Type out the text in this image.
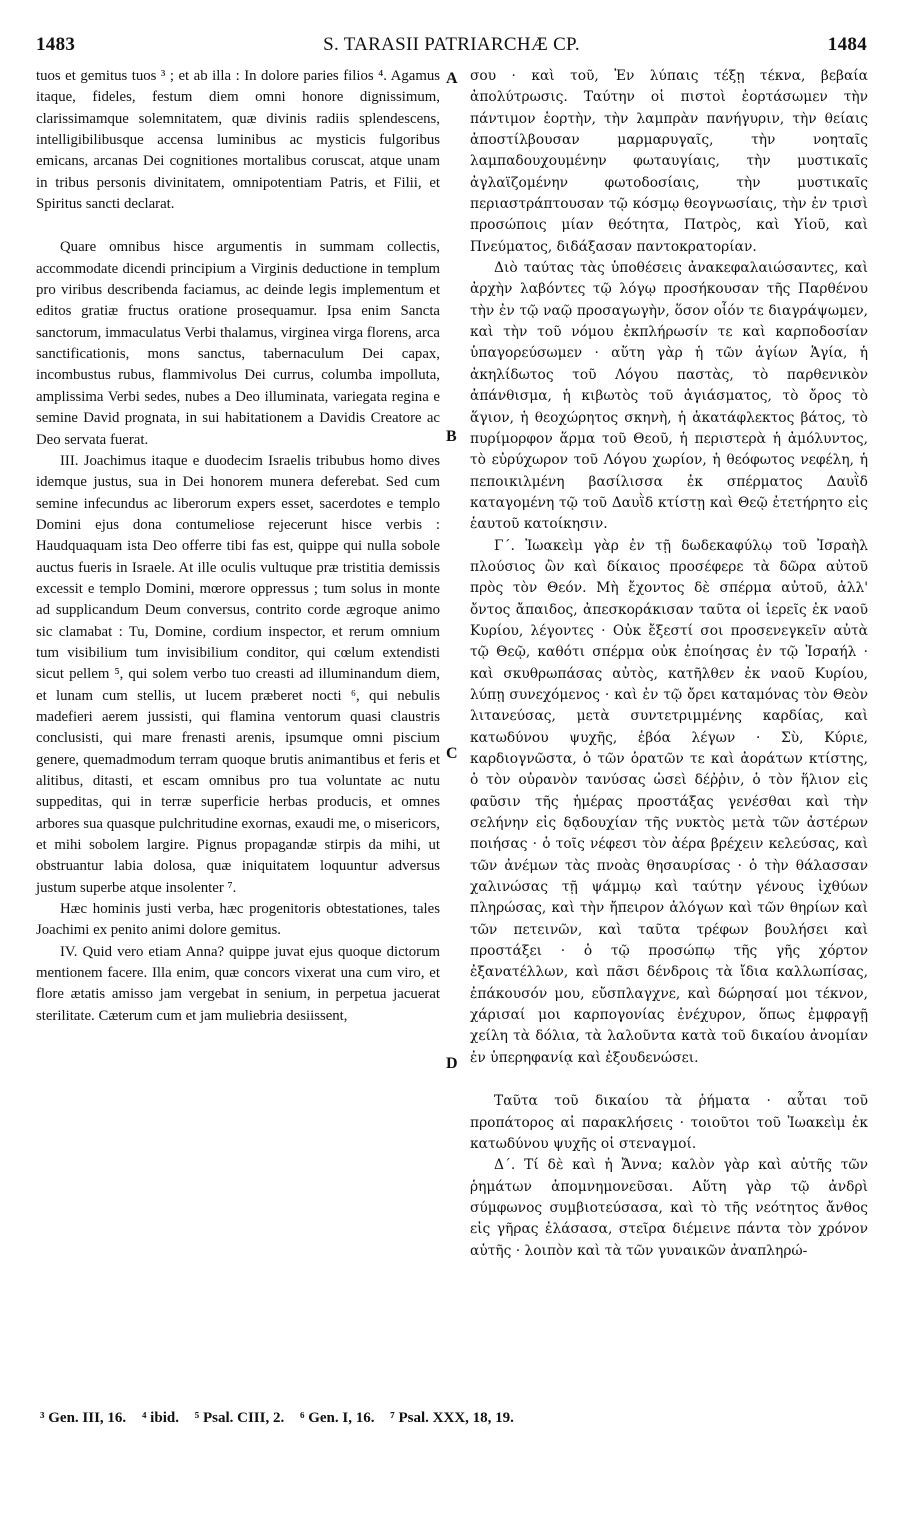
1483	S. TARASII PATRIARCHÆ CP.	1484

tuos et gemitus tuos ³ ; et ab illa : In dolore paries filios ⁴. Agamus itaque, fideles, festum diem omni honore dignissimum, clarissimamque solemnitatem, quæ divinis radiis splendescens, intelligibilibusque accensa luminibus ac mysticis fulgoribus emicans, arcanas Dei cognitiones mortalibus coruscat, atque unam in tribus personis divinitatem, omnipotentiam Patris, et Filii, et Spiritus sancti declarat.

Quare omnibus hisce argumentis in summam collectis, accommodate dicendi principium a Virginis deductione in templum pro viribus describenda faciamus, ac deinde legis implementum et editos gratiæ fructus oratione prosequamur. Ipsa enim Sancta sanctorum, immaculatus Verbi thalamus, virginea virga florens, arca sanctificationis, mons sanctus, tabernaculum Dei capax, incombustus rubus, flammivolus Dei currus, columba impolluta, amplissima Verbi sedes, nubes a Deo illuminata, variegata regina e semine David prognata, in sui habitationem a Davidis Creatore ac Deo servata fuerat.

III. Joachimus itaque e duodecim Israelis tribubus homo dives idemque justus, sua in Dei honorem munera deferebat. Sed cum semine infecundus ac liberorum expers esset, sacerdotes e templo Domini ejus dona contumeliose rejecerunt hisce verbis : Haudquaquam ista Deo offerre tibi fas est, quippe qui nulla sobole auctus fueris in Israele. At ille oculis vultuque præ tristitia demissis excessit e templo Domini, mœrore oppressus ; tum solus in monte ad supplicandum Deum conversus, contrito corde ægroque animo sic clamabat : Tu, Domine, cordium inspector, et rerum omnium tum visibilium tum invisibilium conditor, qui cœlum extendisti sicut pellem ⁵, qui solem verbo tuo creasti ad illuminandum diem, et lunam cum stellis, ut lucem præberet nocti ⁶, qui nebulis madefieri aerem jussisti, qui flamina ventorum quasi claustris conclusisti, qui mare frenasti arenis, ipsumque omni piscium genere, quemadmodum terram quoque brutis animantibus et feris et alitibus, ditasti, et escam omnibus pro tua voluntate ac nutu suppeditas, qui in terræ superficie herbas producis, et omnes arbores sua quasque pulchritudine exornas, exaudi me, o misericors, et mihi sobolem largire. Pignus propagandæ stirpis da mihi, ut obstruantur labia dolosa, quæ iniquitatem loquuntur adversus justum superbe atque insolenter ⁷.

Hæc hominis justi verba, hæc progenitoris obtestationes, tales Joachimi ex penito animi dolore gemitus.

IV. Quid vero etiam Anna? quippe juvat ejus quoque dictorum mentionem facere. Illa enim, quæ concors vixerat una cum viro, et flore ætatis amisso jam vergebat in senium, in perpetua jacuerat sterilitate. Cæterum cum et jam muliebria desiissent,

A
B
C
D

σου · καὶ τοῦ, Ἐν λύπαις τέξῃ τέκνα, βεβαία ἀπολύτρωσις. Ταύτην οἱ πιστοὶ ἑορτάσωμεν τὴν πάντιμον ἑορτὴν, τὴν λαμπρὰν πανήγυριν, τὴν θείαις ἀποστίλβουσαν μαρμαρυγαῖς, τὴν νοηταῖς λαμπαδουχουμένην φωταυγίαις, τὴν μυστικαῖς ἀγλαϊζομένην φωτοδοσίαις, τὴν μυστικαῖς περιαστράπτουσαν τῷ κόσμῳ θεογνωσίαις, τὴν ἐν τρισὶ προσώποις μίαν θεότητα, Πατρὸς, καὶ Υἱοῦ, καὶ Πνεύματος, διδάξασαν παντοκρατορίαν.

Διὸ ταύτας τὰς ὑποθέσεις ἀνακεφαλαιώσαντες, καὶ ἀρχὴν λαβόντες τῷ λόγῳ προσήκουσαν τῆς Παρθένου τὴν ἐν τῷ ναῷ προσαγωγὴν, ὅσον οἷόν τε διαγράψωμεν, καὶ τὴν τοῦ νόμου ἐκπλήρωσίν τε καὶ καρποδοσίαν ὑπαγορεύσωμεν · αὕτη γὰρ ἡ τῶν ἁγίων Ἁγία, ἡ ἀκηλίδωτος τοῦ Λόγου παστὰς, τὸ παρθενικὸν ἀπάνθισμα, ἡ κιβωτὸς τοῦ ἁγιάσματος, τὸ ὄρος τὸ ἅγιον, ἡ θεοχώρητος σκηνὴ, ἡ ἀκατάφλεκτος βάτος, τὸ πυρίμορφον ἅρμα τοῦ Θεοῦ, ἡ περιστερὰ ἡ ἀμόλυντος, τὸ εὐρύχωρον τοῦ Λόγου χωρίον, ἡ θεόφωτος νεφέλη, ἡ πεποικιλμένη βασίλισσα ἐκ σπέρματος Δαυῒδ καταγομένη τῷ τοῦ Δαυῒδ κτίστῃ καὶ Θεῷ ἐτετήρητο εἰς ἑαυτοῦ κατοίκησιν.

Γ΄. Ἰωακεὶμ γὰρ ἐν τῇ δωδεκαφύλῳ τοῦ Ἰσραὴλ πλούσιος ὢν καὶ δίκαιος προσέφερε τὰ δῶρα αὐτοῦ πρὸς τὸν Θεόν. Μὴ ἔχοντος δὲ σπέρμα αὐτοῦ, ἀλλ' ὄντος ἄπαιδος, ἀπεσκοράκισαν ταῦτα οἱ ἱερεῖς ἐκ ναοῦ Κυρίου, λέγοντες · Οὐκ ἔξεστί σοι προσενεγκεῖν αὐτὰ τῷ Θεῷ, καθότι σπέρμα οὐκ ἐποίησας ἐν τῷ Ἰσραήλ · καὶ σκυθρωπάσας αὐτὸς, κατῆλθεν ἐκ ναοῦ Κυρίου, λύπῃ συνεχόμενος · καὶ ἐν τῷ ὄρει καταμόνας τὸν Θεὸν λιτανεύσας, μετὰ συντετριμμένης καρδίας, καὶ κατωδύνου ψυχῆς, ἐβόα λέγων · Σὺ, Κύριε, καρδιογνῶστα, ὁ τῶν ὁρατῶν τε καὶ ἀοράτων κτίστης, ὁ τὸν οὐρανὸν τανύσας ὡσεὶ δέῤῥιν, ὁ τὸν ἥλιον εἰς φαῦσιν τῆς ἡμέρας προστάξας γενέσθαι καὶ τὴν σελήνην εἰς δᾳδουχίαν τῆς νυκτὸς μετὰ τῶν ἀστέρων ποιήσας · ὁ τοῖς νέφεσι τὸν ἀέρα βρέχειν κελεύσας, καὶ τῶν ἀνέμων τὰς πνοὰς θησαυρίσας · ὁ τὴν θάλασσαν χαλινώσας τῇ ψάμμῳ καὶ ταύτην γένους ἰχθύων πληρώσας, καὶ τὴν ἤπειρον ἀλόγων καὶ τῶν θηρίων καὶ τῶν πετεινῶν, καὶ ταῦτα τρέφων βουλήσει καὶ προστάξει · ὁ τῷ προσώπῳ τῆς γῆς χόρτον ἐξανατέλλων, καὶ πᾶσι δένδροις τὰ ἴδια καλλωπίσας, ἐπάκουσόν μου, εὔσπλαγχνε, καὶ δώρησαί μοι τέκνον, χάρισαί μοι καρπογονίας ἐνέχυρον, ὅπως ἐμφραγῇ χείλη τὰ δόλια, τὰ λαλοῦντα κατὰ τοῦ δικαίου ἀνομίαν ἐν ὑπερηφανίᾳ καὶ ἐξουδενώσει.

Ταῦτα τοῦ δικαίου τὰ ῥήματα · αὗται τοῦ προπάτορος αἱ παρακλήσεις · τοιοῦτοι τοῦ Ἰωακεὶμ ἐκ κατωδύνου ψυχῆς οἱ στεναγμοί.

Δ΄. Τί δὲ καὶ ἡ Ἄννα; καλὸν γὰρ καὶ αὐτῆς τῶν ῥημάτων ἀπομνημονεῦσαι. Αὕτη γὰρ τῷ ἀνδρὶ σύμφωνος συμβιοτεύσασα, καὶ τὸ τῆς νεότητος ἄνθος εἰς γῆρας ἐλάσασα, στεῖρα διέμεινε πάντα τὸν χρόνον αὐτῆς · λοιπὸν καὶ τὰ τῶν γυναικῶν ἀναπληρώ-

³ Gen. III, 16. ⁴ ibid. ⁵ Psal. CIII, 2. ⁶ Gen. I, 16. ⁷ Psal. XXX, 18, 19.
